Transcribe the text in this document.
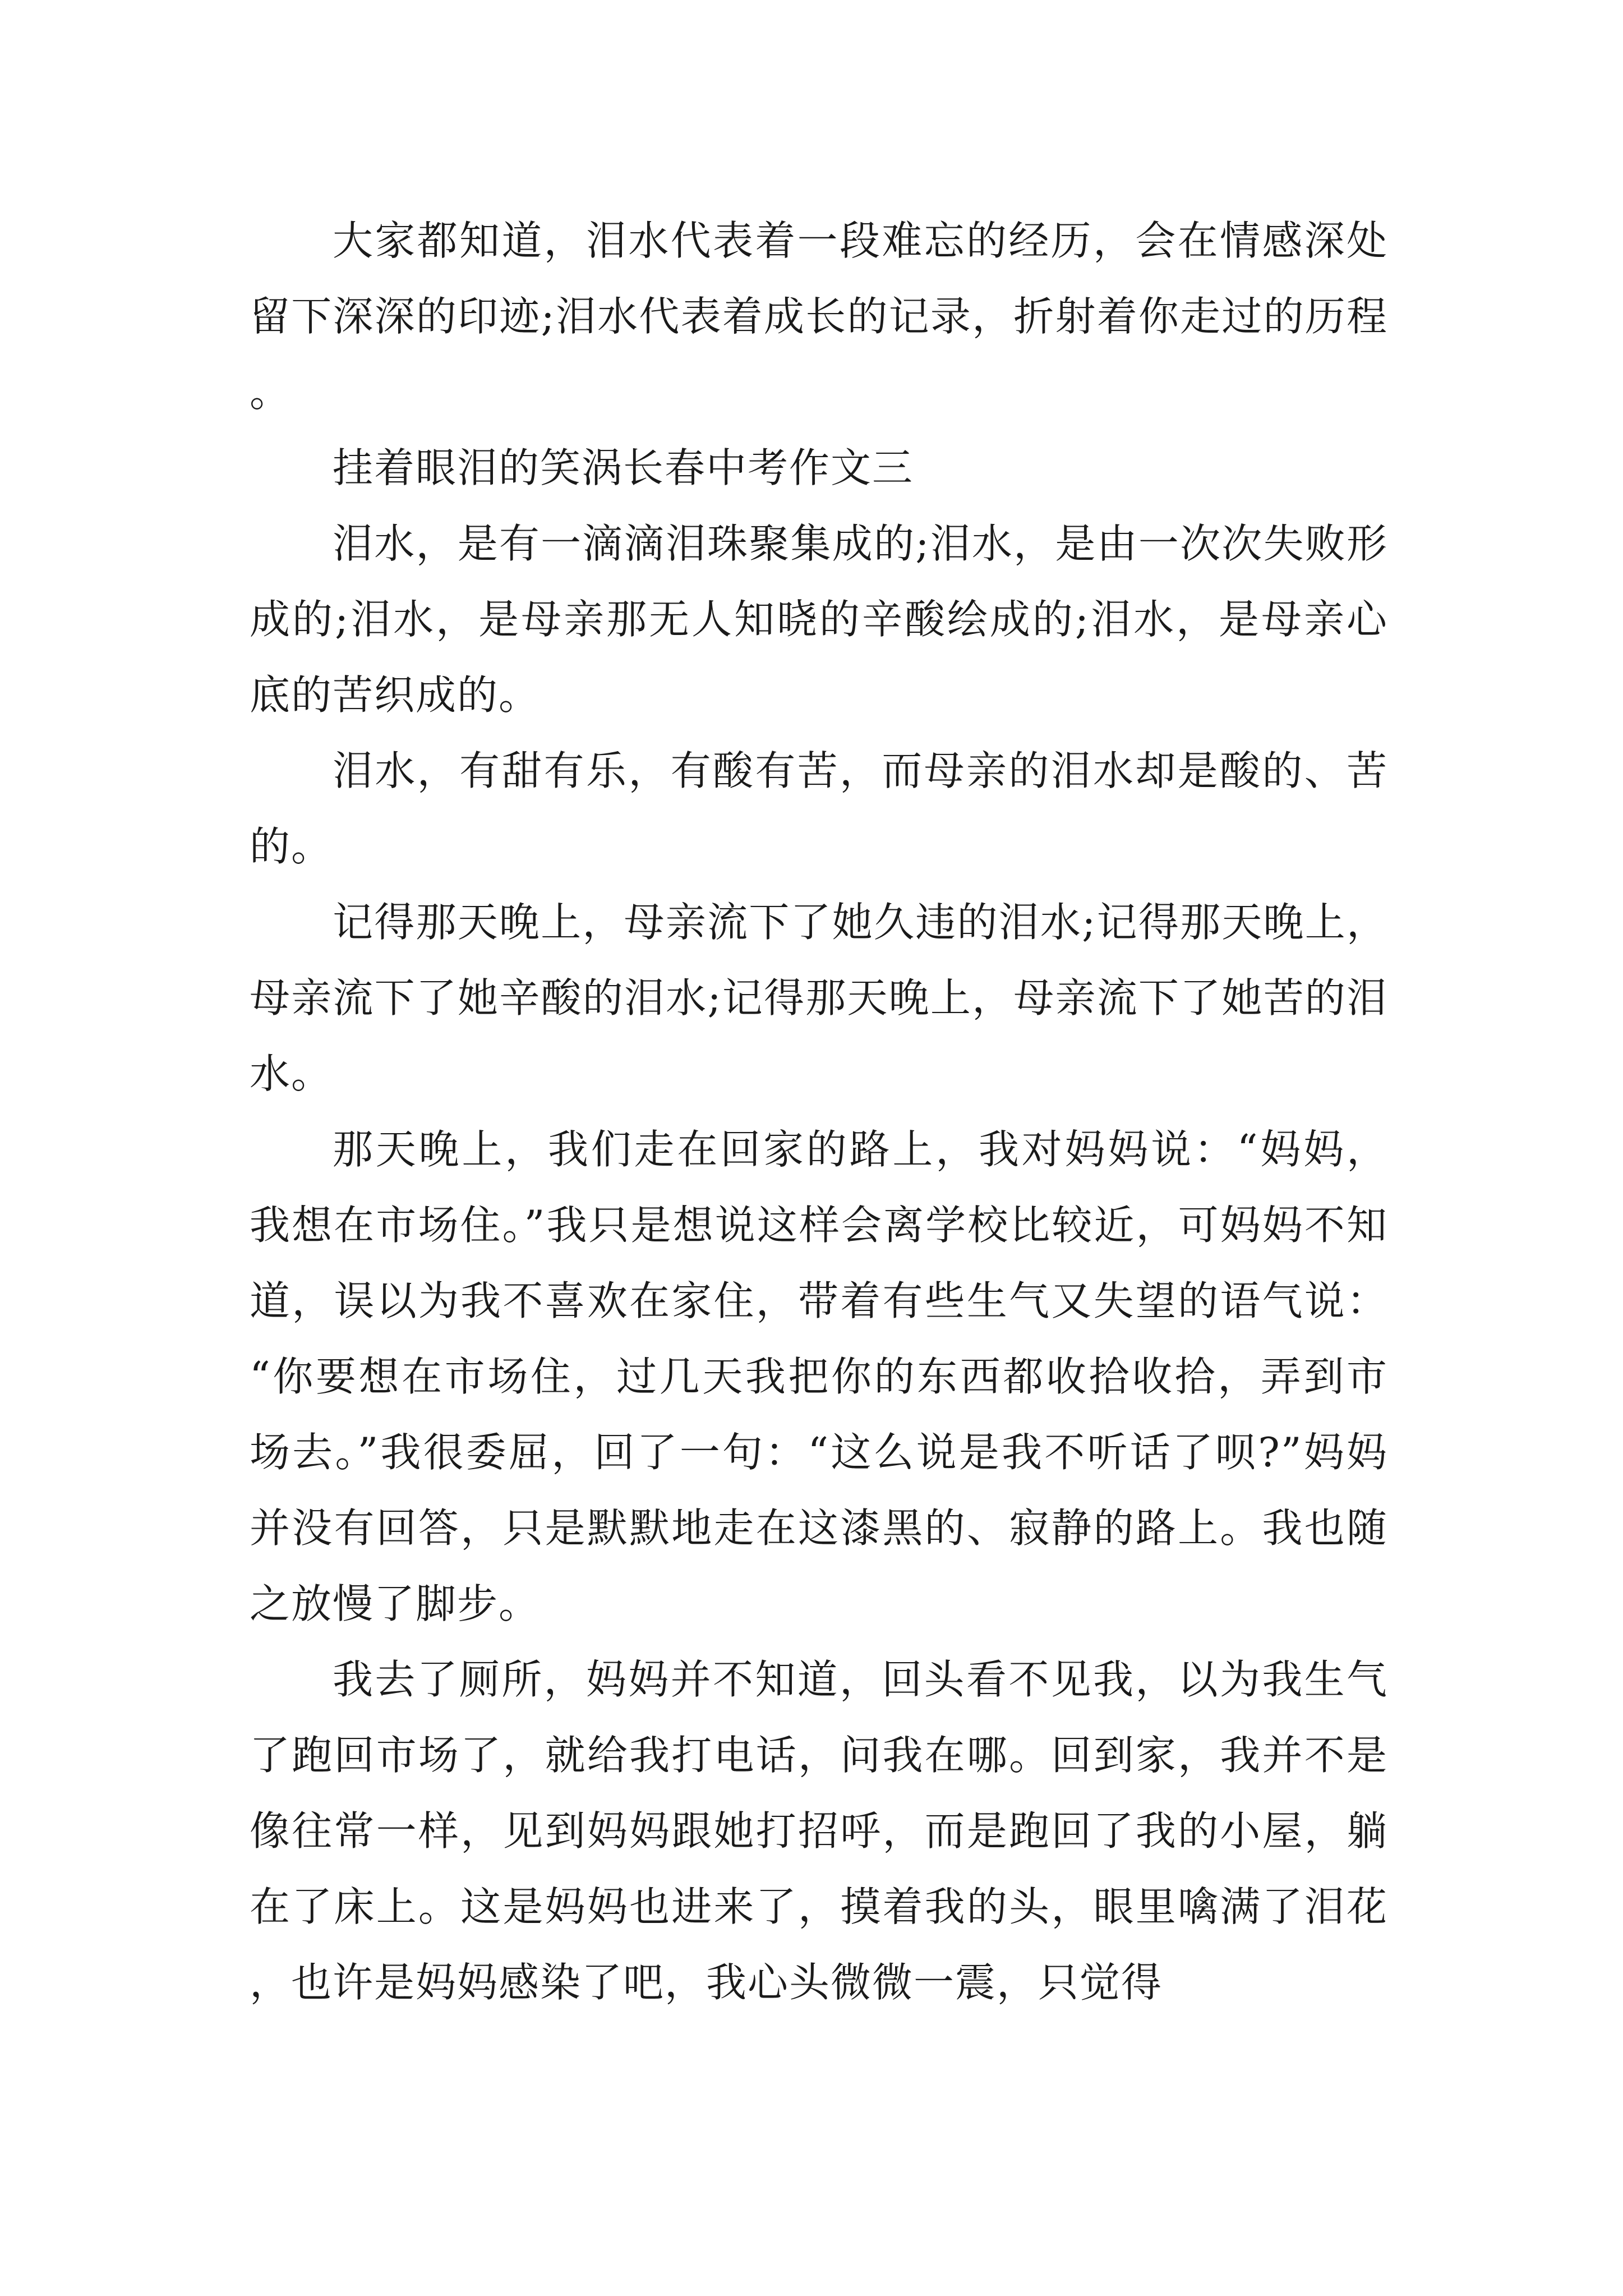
大家都知道，泪水代表着一段难忘的经历，会在情感深处留下深深的印迹;泪水代表着成长的记录，折射着你走过的历程。

挂着眼泪的笑涡长春中考作文三

泪水，是有一滴滴泪珠聚集成的;泪水，是由一次次失败形成的;泪水，是母亲那无人知晓的辛酸绘成的;泪水，是母亲心底的苦织成的。

泪水，有甜有乐，有酸有苦，而母亲的泪水却是酸的、苦的。

记得那天晚上，母亲流下了她久违的泪水;记得那天晚上，母亲流下了她辛酸的泪水;记得那天晚上，母亲流下了她苦的泪水。

那天晚上，我们走在回家的路上，我对妈妈说：“妈妈，我想在市场住。”我只是想说这样会离学校比较近，可妈妈不知道，误以为我不喜欢在家住，带着有些生气又失望的语气说：“你要想在市场住，过几天我把你的东西都收拾收拾，弄到市场去。”我很委屈，回了一句：“这么说是我不听话了呗?”妈妈并没有回答，只是默默地走在这漆黑的、寂静的路上。我也随之放慢了脚步。

我去了厕所，妈妈并不知道，回头看不见我，以为我生气了跑回市场了，就给我打电话，问我在哪。回到家，我并不是像往常一样，见到妈妈跟她打招呼，而是跑回了我的小屋，躺在了床上。这是妈妈也进来了，摸着我的头，眼里噙满了泪花，也许是妈妈感染了吧，我心头微微一震，只觉得
